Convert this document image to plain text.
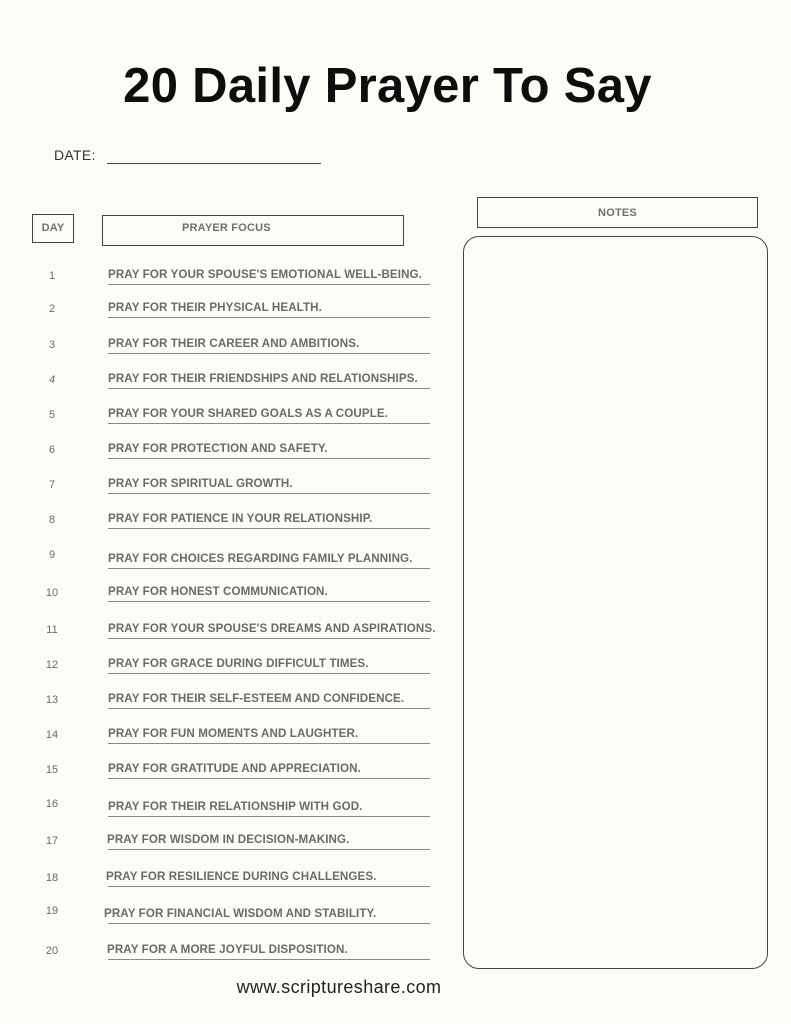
20 Daily Prayer To Say
DATE:
DAY	PRAYER FOCUS
NOTES
1	PRAY FOR YOUR SPOUSE'S EMOTIONAL WELL-BEING.
2	PRAY FOR THEIR PHYSICAL HEALTH.
3	PRAY FOR THEIR CAREER AND AMBITIONS.
4	PRAY FOR THEIR FRIENDSHIPS AND RELATIONSHIPS.
5	PRAY FOR YOUR SHARED GOALS AS A COUPLE.
6	PRAY FOR PROTECTION AND SAFETY.
7	PRAY FOR SPIRITUAL GROWTH.
8	PRAY FOR PATIENCE IN YOUR RELATIONSHIP.
9	PRAY FOR CHOICES REGARDING FAMILY PLANNING.
10	PRAY FOR HONEST COMMUNICATION.
11	PRAY FOR YOUR SPOUSE'S DREAMS AND ASPIRATIONS.
12	PRAY FOR GRACE DURING DIFFICULT TIMES.
13	PRAY FOR THEIR SELF-ESTEEM AND CONFIDENCE.
14	PRAY FOR FUN MOMENTS AND LAUGHTER.
15	PRAY FOR GRATITUDE AND APPRECIATION.
16	PRAY FOR THEIR RELATIONSHIP WITH GOD.
17	PRAY FOR WISDOM IN DECISION-MAKING.
18	PRAY FOR RESILIENCE DURING CHALLENGES.
19	PRAY FOR FINANCIAL WISDOM AND STABILITY.
20	PRAY FOR A MORE JOYFUL DISPOSITION.
www.scriptureshare.com
